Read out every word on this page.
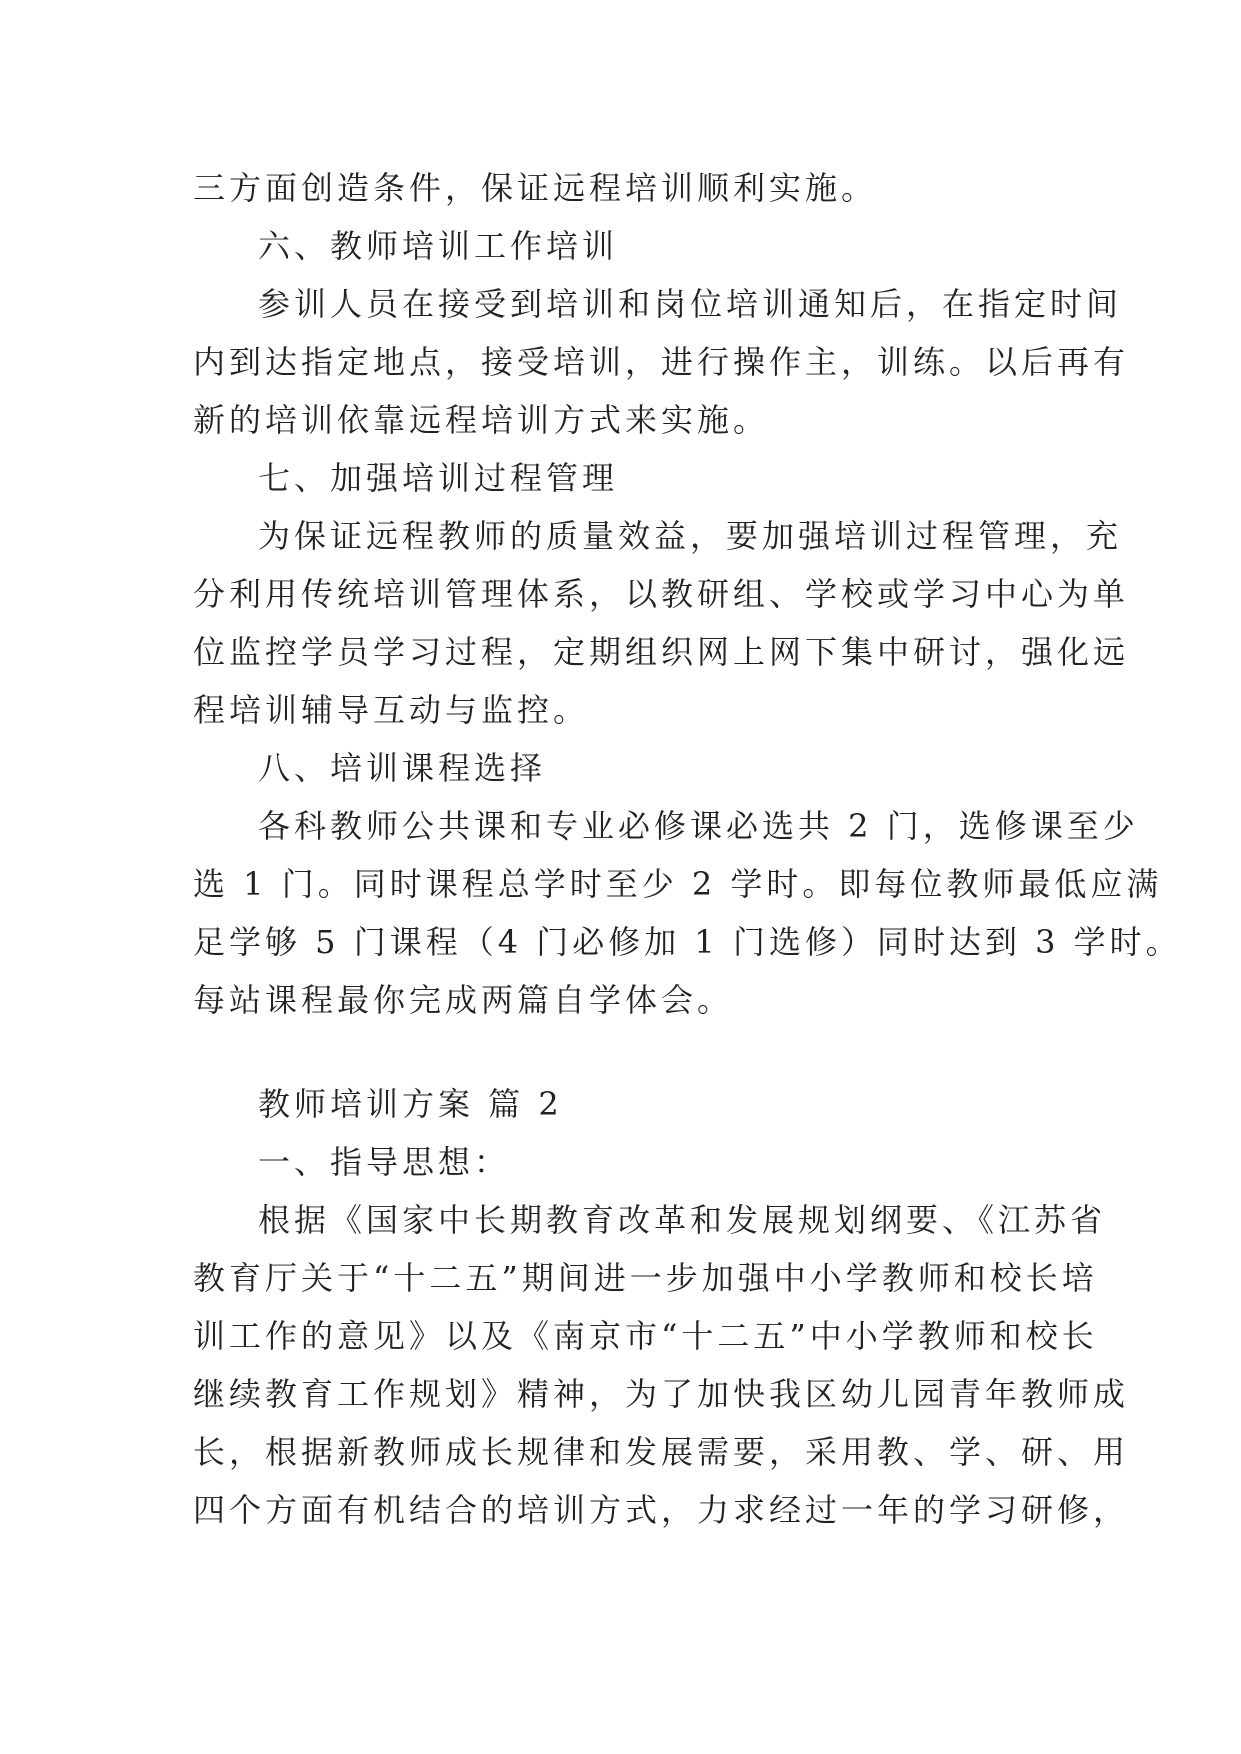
三方面创造条件，保证远程培训顺利实施。
六、教师培训工作培训
参训人员在接受到培训和岗位培训通知后，在指定时间
内到达指定地点，接受培训，进行操作主，训练。以后再有
新的培训依靠远程培训方式来实施。
七、加强培训过程管理
为保证远程教师的质量效益，要加强培训过程管理，充
分利用传统培训管理体系，以教研组、学校或学习中心为单
位监控学员学习过程，定期组织网上网下集中研讨，强化远
程培训辅导互动与监控。
八、培训课程选择
各科教师公共课和专业必修课必选共 2 门，选修课至少
选 1 门。同时课程总学时至少 2 学时。即每位教师最低应满
足学够 5 门课程（4 门必修加 1 门选修）同时达到 3 学时。
每站课程最你完成两篇自学体会。
教师培训方案 篇 2
一、指导思想：
根据《国家中长期教育改革和发展规划纲要、《江苏省
教育厅关于“十二五”期间进一步加强中小学教师和校长培
训工作的意见》以及《南京市“十二五”中小学教师和校长
继续教育工作规划》精神，为了加快我区幼儿园青年教师成
长，根据新教师成长规律和发展需要，采用教、学、研、用
四个方面有机结合的培训方式，力求经过一年的学习研修，
